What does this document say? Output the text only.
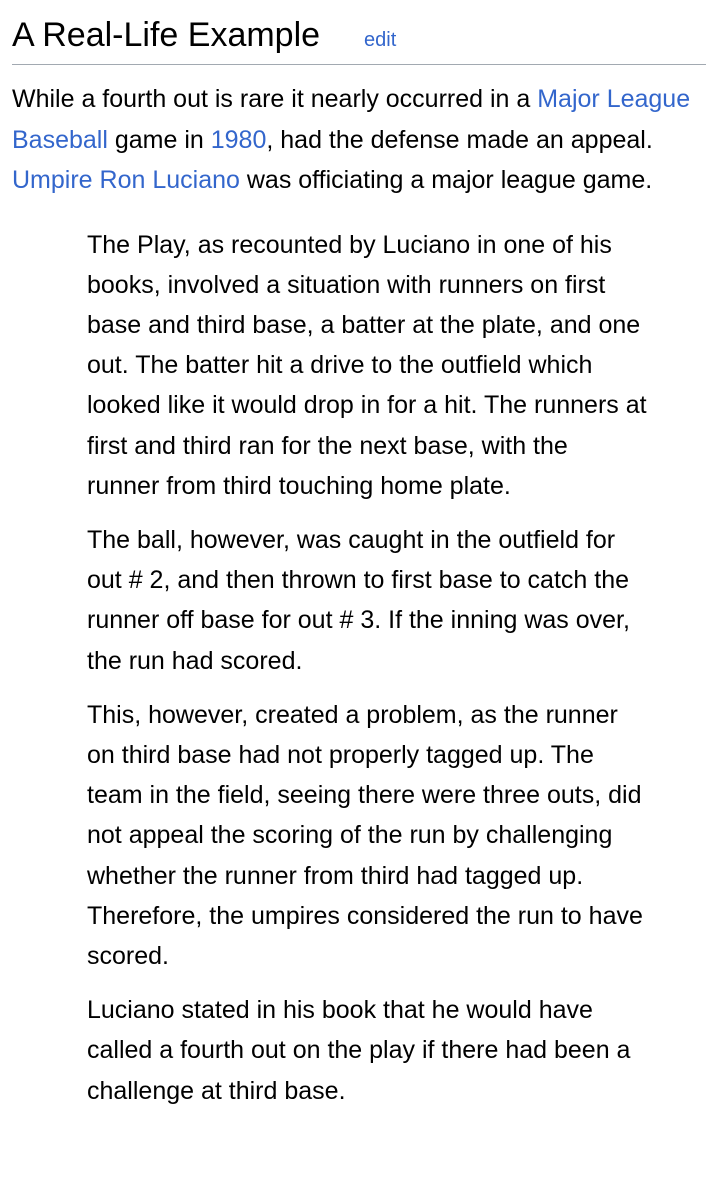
A Real-Life Example edit

While a fourth out is rare it nearly occurred in a Major League Baseball game in 1980, had the defense made an appeal. Umpire Ron Luciano was officiating a major league game.

The Play, as recounted by Luciano in one of his books, involved a situation with runners on first base and third base, a batter at the plate, and one out. The batter hit a drive to the outfield which looked like it would drop in for a hit. The runners at first and third ran for the next base, with the runner from third touching home plate.

The ball, however, was caught in the outfield for out # 2, and then thrown to first base to catch the runner off base for out # 3. If the inning was over, the run had scored.

This, however, created a problem, as the runner on third base had not properly tagged up. The team in the field, seeing there were three outs, did not appeal the scoring of the run by challenging whether the runner from third had tagged up. Therefore, the umpires considered the run to have scored.

Luciano stated in his book that he would have called a fourth out on the play if there had been a challenge at third base.
